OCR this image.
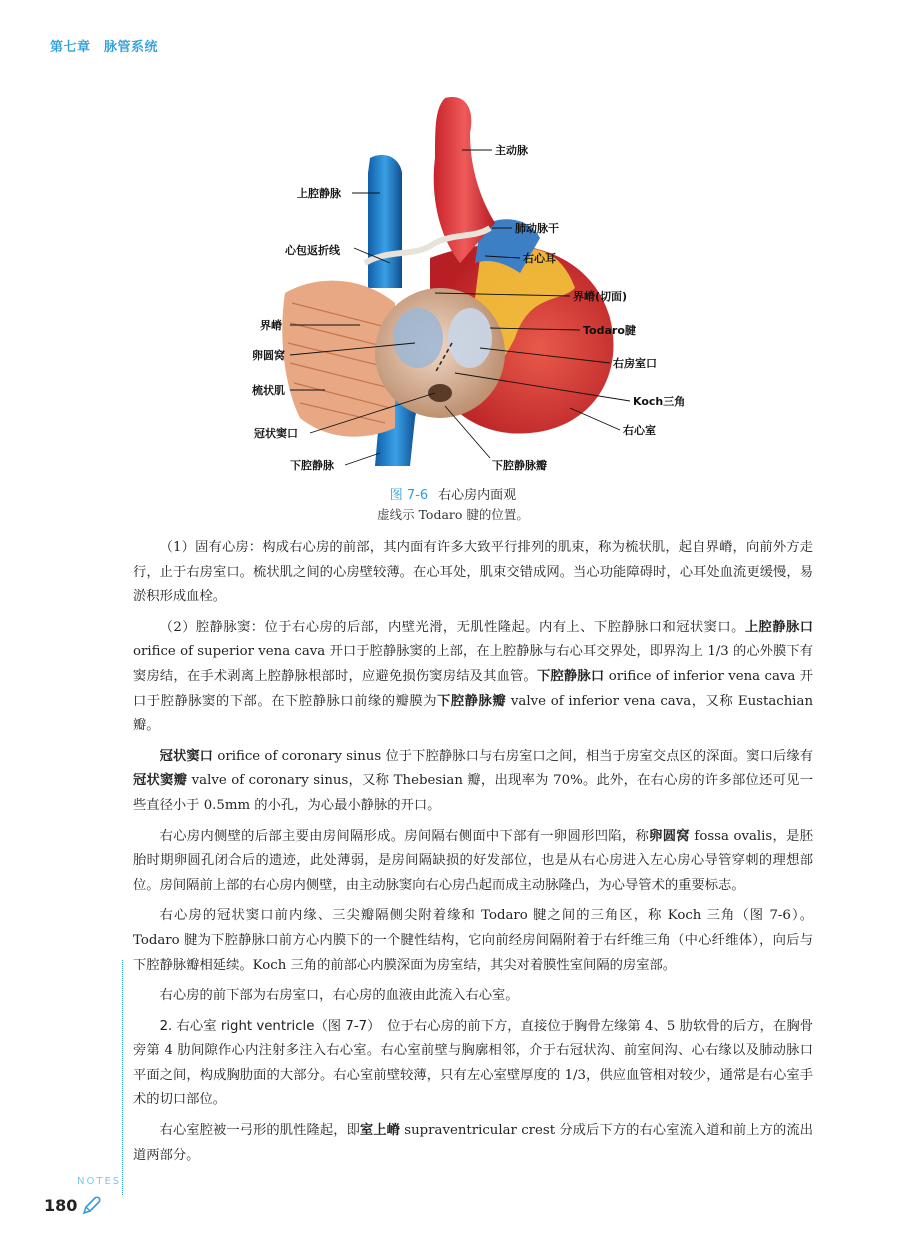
第七章　脉管系统
主动脉
上腔静脉
肺动脉干
心包返折线
右心耳
界嵴(切面)
界嵴	Todaro腱
卵圆窝
右房室口
梳状肌
Koch三角
冠状窦口	右心室
下腔静脉	下腔静脉瓣
图 7-6 右心房内面观
虚线示 Todaro 腱的位置。

（1）固有心房：构成右心房的前部，其内面有许多大致平行排列的肌束，称为梳状肌，起自界嵴，向前外方走行，止于右房室口。梳状肌之间的心房壁较薄。在心耳处，肌束交错成网。当心功能障碍时，心耳处血流更缓慢，易淤积形成血栓。

（2）腔静脉窦：位于右心房的后部，内壁光滑，无肌性隆起。内有上、下腔静脉口和冠状窦口。上腔静脉口 orifice of superior vena cava 开口于腔静脉窦的上部，在上腔静脉与右心耳交界处，即界沟上 1/3 的心外膜下有窦房结，在手术剥离上腔静脉根部时，应避免损伤窦房结及其血管。下腔静脉口 orifice of inferior vena cava 开口于腔静脉窦的下部。在下腔静脉口前缘的瓣膜为下腔静脉瓣 valve of inferior vena cava，又称 Eustachian 瓣。

冠状窦口 orifice of coronary sinus 位于下腔静脉口与右房室口之间，相当于房室交点区的深面。窦口后缘有冠状窦瓣 valve of coronary sinus，又称 Thebesian 瓣，出现率为 70%。此外，在右心房的许多部位还可见一些直径小于 0.5mm 的小孔，为心最小静脉的开口。

右心房内侧壁的后部主要由房间隔形成。房间隔右侧面中下部有一卵圆形凹陷，称卵圆窝 fossa ovalis，是胚胎时期卵圆孔闭合后的遗迹，此处薄弱，是房间隔缺损的好发部位，也是从右心房进入左心房心导管穿刺的理想部位。房间隔前上部的右心房内侧壁，由主动脉窦向右心房凸起而成主动脉隆凸，为心导管术的重要标志。

右心房的冠状窦口前内缘、三尖瓣隔侧尖附着缘和 Todaro 腱之间的三角区，称 Koch 三角（图 7-6）。Todaro 腱为下腔静脉口前方心内膜下的一个腱性结构，它向前经房间隔附着于右纤维三角（中心纤维体），向后与下腔静脉瓣相延续。Koch 三角的前部心内膜深面为房室结，其尖对着膜性室间隔的房室部。

右心房的前下部为右房室口，右心房的血液由此流入右心室。

2. 右心室 right ventricle（图 7-7）　位于右心房的前下方，直接位于胸骨左缘第 4、5 肋软骨的后方，在胸骨旁第 4 肋间隙作心内注射多注入右心室。右心室前壁与胸廓相邻，介于右冠状沟、前室间沟、心右缘以及肺动脉口平面之间，构成胸肋面的大部分。右心室前壁较薄，只有左心室壁厚度的 1/3，供应血管相对较少，通常是右心室手术的切口部位。

右心室腔被一弓形的肌性隆起，即室上嵴 supraventricular crest 分成后下方的右心室流入道和前上方的流出道两部分。

NOTES
180
